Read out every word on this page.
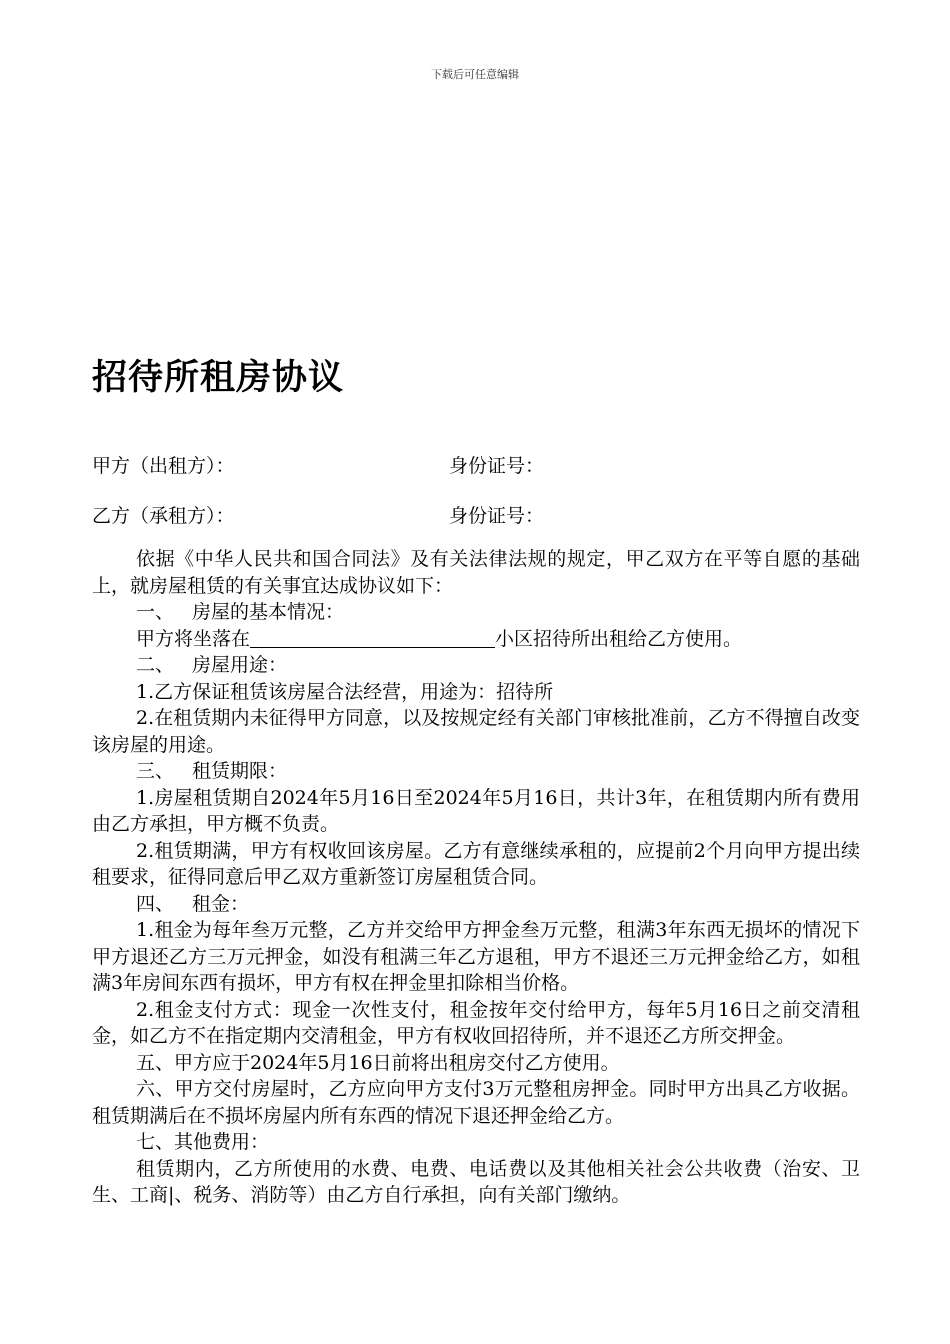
下载后可任意编辑
招待所租房协议
甲方（出租方）：	身份证号：
乙方（承租方）：	身份证号：

依据《中华人民共和国合同法》及有关法律法规的规定，甲乙双方在平等自愿的基础上，就房屋租赁的有关事宜达成协议如下：

一、 房屋的基本情况：

甲方将坐落在	小区招待所出租给乙方使用。

二、 房屋用途：

1.乙方保证租赁该房屋合法经营，用途为：招待所

2.在租赁期内未征得甲方同意，以及按规定经有关部门审核批准前，乙方不得擅自改变该房屋的用途。

三、 租赁期限：

1.房屋租赁期自2024年5月16日至2024年5月16日，共计3年，在租赁期内所有费用由乙方承担，甲方概不负责。

2.租赁期满，甲方有权收回该房屋。乙方有意继续承租的，应提前2个月向甲方提出续租要求，征得同意后甲乙双方重新签订房屋租赁合同。

四、 租金：

1.租金为每年叁万元整，乙方并交给甲方押金叁万元整，租满3年东西无损坏的情况下甲方退还乙方三万元押金，如没有租满三年乙方退租，甲方不退还三万元押金给乙方，如租满3年房间东西有损坏，甲方有权在押金里扣除相当价格。

2.租金支付方式：现金一次性支付，租金按年交付给甲方，每年5月16日之前交清租金，如乙方不在指定期内交清租金，甲方有权收回招待所，并不退还乙方所交押金。

五、甲方应于2024年5月16日前将出租房交付乙方使用。

六、甲方交付房屋时，乙方应向甲方支付3万元整租房押金。同时甲方出具乙方收据。租赁期满后在不损坏房屋内所有东西的情况下退还押金给乙方。

七、其他费用：

租赁期内，乙方所使用的水费、电费、电话费以及其他相关社会公共收费（治安、卫生、工商|、税务、消防等）由乙方自行承担，向有关部门缴纳。
